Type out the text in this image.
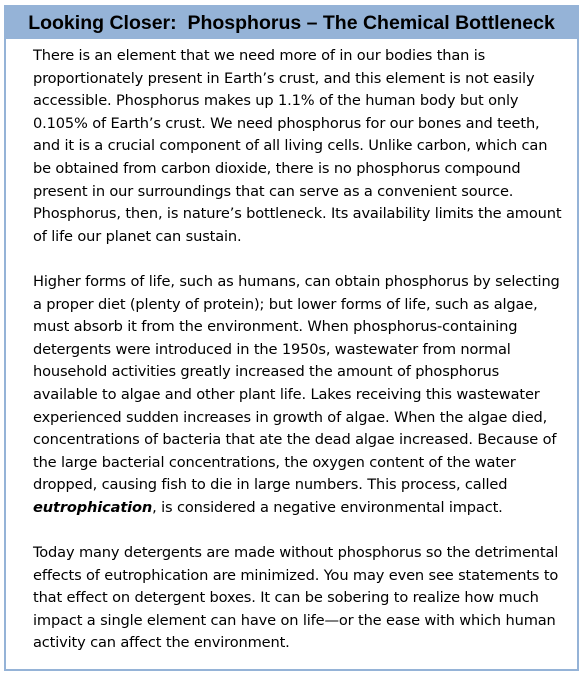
Looking Closer:  Phosphorus – The Chemical Bottleneck

There is an element that we need more of in our bodies than is proportionately present in Earth’s crust, and this element is not easily accessible. Phosphorus makes up 1.1% of the human body but only 0.105% of Earth’s crust. We need phosphorus for our bones and teeth, and it is a crucial component of all living cells. Unlike carbon, which can be obtained from carbon dioxide, there is no phosphorus compound present in our surroundings that can serve as a convenient source. Phosphorus, then, is nature’s bottleneck. Its availability limits the amount of life our planet can sustain.

Higher forms of life, such as humans, can obtain phosphorus by selecting a proper diet (plenty of protein); but lower forms of life, such as algae, must absorb it from the environment. When phosphorus-containing detergents were introduced in the 1950s, wastewater from normal household activities greatly increased the amount of phosphorus available to algae and other plant life. Lakes receiving this wastewater experienced sudden increases in growth of algae. When the algae died, concentrations of bacteria that ate the dead algae increased. Because of the large bacterial concentrations, the oxygen content of the water dropped, causing fish to die in large numbers. This process, called eutrophication, is considered a negative environmental impact.

Today many detergents are made without phosphorus so the detrimental effects of eutrophication are minimized. You may even see statements to that effect on detergent boxes. It can be sobering to realize how much impact a single element can have on life—or the ease with which human activity can affect the environment.
